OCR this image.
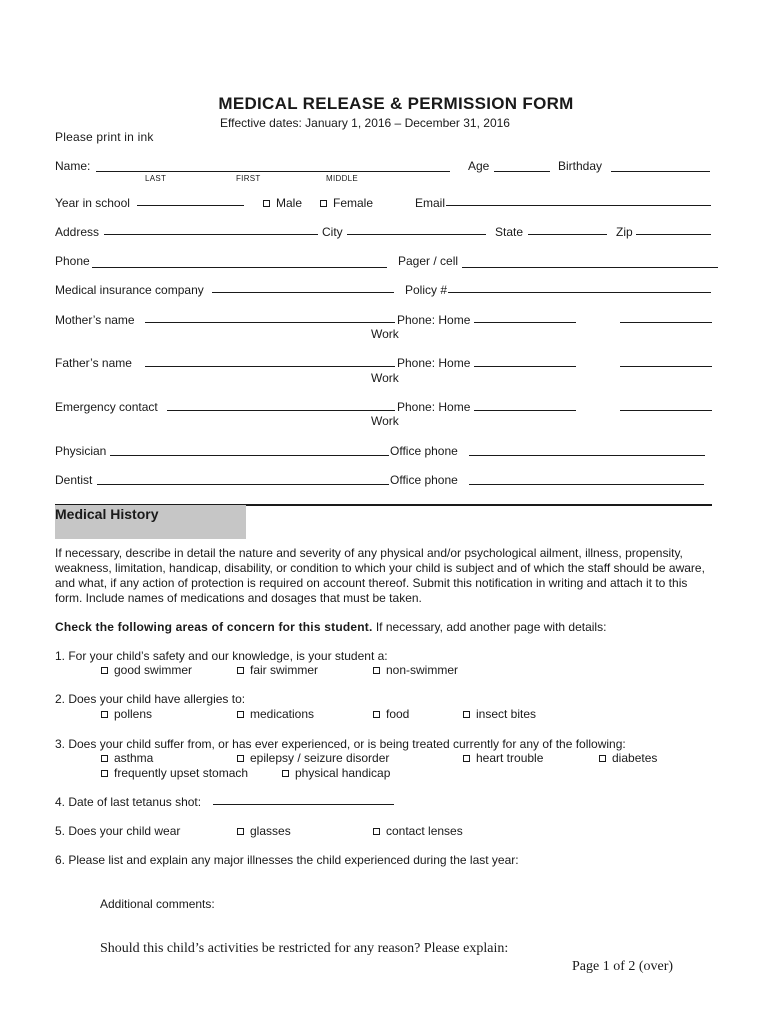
MEDICAL RELEASE & PERMISSION FORM
Effective dates: January 1, 2016 – December 31, 2016
Please print in ink
Name:
LAST	FIRST	MIDDLE
Age	Birthday
Year in school	Male	Female	Email
Address	City	State	Zip
Phone	Pager / cell
Medical insurance company	Policy #
Mother’s name	Phone: Home
Work
Father’s name	Phone: Home
Work
Emergency contact	Phone: Home
Work
Physician	Office phone
Dentist	Office phone
Medical History
If necessary, describe in detail the nature and severity of any physical and/or psychological ailment, illness, propensity, weakness, limitation, handicap, disability, or condition to which your child is subject and of which the staff should be aware, and what, if any action of protection is required on account thereof. Submit this notification in writing and attach it to this form. Include names of medications and dosages that must be taken.
Check the following areas of concern for this student. If necessary, add another page with details:
1. For your child’s safety and our knowledge, is your student a:
good swimmer	fair swimmer	non-swimmer
2. Does your child have allergies to:
pollens	medications	food	insect bites
3. Does your child suffer from, or has ever experienced, or is being treated currently for any of the following:
asthma	epilepsy / seizure disorder	heart trouble	diabetes
frequently upset stomach	physical handicap
4. Date of last tetanus shot:
5. Does your child wear	glasses	contact lenses
6. Please list and explain any major illnesses the child experienced during the last year:
Additional comments:
Should this child’s activities be restricted for any reason? Please explain:
Page 1 of 2 (over)
